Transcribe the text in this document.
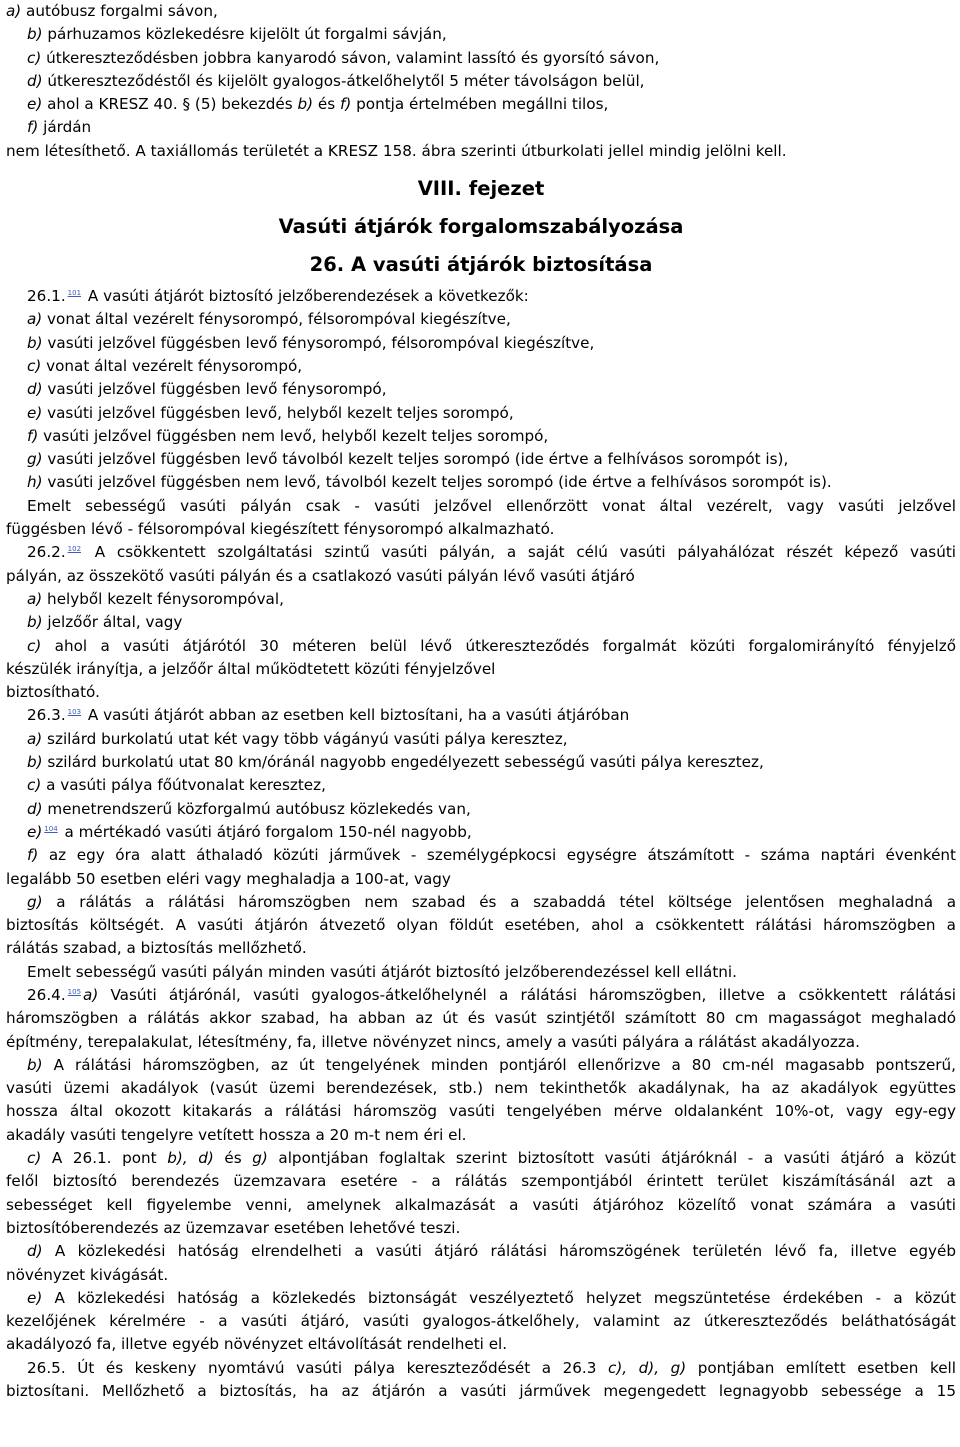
a) autóbusz forgalmi sávon,
b) párhuzamos közlekedésre kijelölt út forgalmi sávján,
c) útkereszteződésben jobbra kanyarodó sávon, valamint lassító és gyorsító sávon,
d) útkereszteződéstől és kijelölt gyalogos-átkelőhelytől 5 méter távolságon belül,
e) ahol a KRESZ 40. § (5) bekezdés b) és f) pontja értelmében megállni tilos,
f) járdán
nem létesíthető. A taxiállomás területét a KRESZ 158. ábra szerinti útburkolati jellel mindig jelölni kell.
VIII. fejezet
Vasúti átjárók forgalomszabályozása
26. A vasúti átjárók biztosítása
26.1. $^{101}$ A vasúti átjárót biztosító jelzőberendezések a következők:
a) vonat által vezérelt fénysorompó, félsorompóval kiegészítve,
b) vasúti jelzővel függésben levő fénysorompó, félsorompóval kiegészítve,
c) vonat által vezérelt fénysorompó,
d) vasúti jelzővel függésben levő fénysorompó,
e) vasúti jelzővel függésben levő, helyből kezelt teljes sorompó,
f) vasúti jelzővel függésben nem levő, helyből kezelt teljes sorompó,
g) vasúti jelzővel függésben levő távolból kezelt teljes sorompó (ide értve a felhívásos sorompót is),
h) vasúti jelzővel függésben nem levő, távolból kezelt teljes sorompó (ide értve a felhívásos sorompót is).
Emelt sebességű vasúti pályán csak - vasúti jelzővel ellenőrzött vonat által vezérelt, vagy vasúti jelzővel
függésben lévő - félsorompóval kiegészített fénysorompó alkalmazható.
26.2. $^{102}$ A csökkentett szolgáltatási szintű vasúti pályán, a saját célú vasúti pályahálózat részét képező vasúti
pályán, az összekötő vasúti pályán és a csatlakozó vasúti pályán lévő vasúti átjáró
a) helyből kezelt fénysorompóval,
b) jelzőőr által, vagy
c) ahol a vasúti átjárótól 30 méteren belül lévő útkereszteződés forgalmát közúti forgalomirányító fényjelző
készülék irányítja, a jelzőőr által működtetett közúti fényjelzővel
biztosítható.
26.3. $^{103}$ A vasúti átjárót abban az esetben kell biztosítani, ha a vasúti átjáróban
a) szilárd burkolatú utat két vagy több vágányú vasúti pálya keresztez,
b) szilárd burkolatú utat 80 km/óránál nagyobb engedélyezett sebességű vasúti pálya keresztez,
c) a vasúti pálya főútvonalat keresztez,
d) menetrendszerű közforgalmú autóbusz közlekedés van,
e) $^{104}$ a mértékadó vasúti átjáró forgalom 150-nél nagyobb,
f) az egy óra alatt áthaladó közúti járművek - személygépkocsi egységre átszámított - száma naptári évenként
legalább 50 esetben eléri vagy meghaladja a 100-at, vagy
g) a rálátás a rálátási háromszögben nem szabad és a szabaddá tétel költsége jelentősen meghaladná a
biztosítás költségét. A vasúti átjárón átvezető olyan földút esetében, ahol a csökkentett rálátási háromszögben a
rálátás szabad, a biztosítás mellőzhető.
Emelt sebességű vasúti pályán minden vasúti átjárót biztosító jelzőberendezéssel kell ellátni.
26.4. $^{105}$ a) Vasúti átjárónál, vasúti gyalogos-átkelőhelynél a rálátási háromszögben, illetve a csökkentett rálátási
háromszögben a rálátás akkor szabad, ha abban az út és vasút szintjétől számított 80 cm magasságot meghaladó
építmény, terepalakulat, létesítmény, fa, illetve növényzet nincs, amely a vasúti pályára a rálátást akadályozza.
b) A rálátási háromszögben, az út tengelyének minden pontjáról ellenőrizve a 80 cm-nél magasabb pontszerű,
vasúti üzemi akadályok (vasút üzemi berendezések, stb.) nem tekinthetők akadálynak, ha az akadályok együttes
hossza által okozott kitakarás a rálátási háromszög vasúti tengelyében mérve oldalanként 10%-ot, vagy egy-egy
akadály vasúti tengelyre vetített hossza a 20 m-t nem éri el.
c) A 26.1. pont b), d) és g) alpontjában foglaltak szerint biztosított vasúti átjáróknál - a vasúti átjáró a közút
felől biztosító berendezés üzemzavara esetére - a rálátás szempontjából érintett terület kiszámításánál azt a
sebességet kell figyelembe venni, amelynek alkalmazását a vasúti átjáróhoz közelítő vonat számára a vasúti
biztosítóberendezés az üzemzavar esetében lehetővé teszi.
d) A közlekedési hatóság elrendelheti a vasúti átjáró rálátási háromszögének területén lévő fa, illetve egyéb
növényzet kivágását.
e) A közlekedési hatóság a közlekedés biztonságát veszélyeztető helyzet megszüntetése érdekében - a közút
kezelőjének kérelmére - a vasúti átjáró, vasúti gyalogos-átkelőhely, valamint az útkereszteződés beláthatóságát
akadályozó fa, illetve egyéb növényzet eltávolítását rendelheti el.
26.5. Út és keskeny nyomtávú vasúti pálya kereszteződését a 26.3 c), d), g) pontjában említett esetben kell
biztosítani. Mellőzhető a biztosítás, ha az átjárón a vasúti járművek megengedett legnagyobb sebessége a 15
